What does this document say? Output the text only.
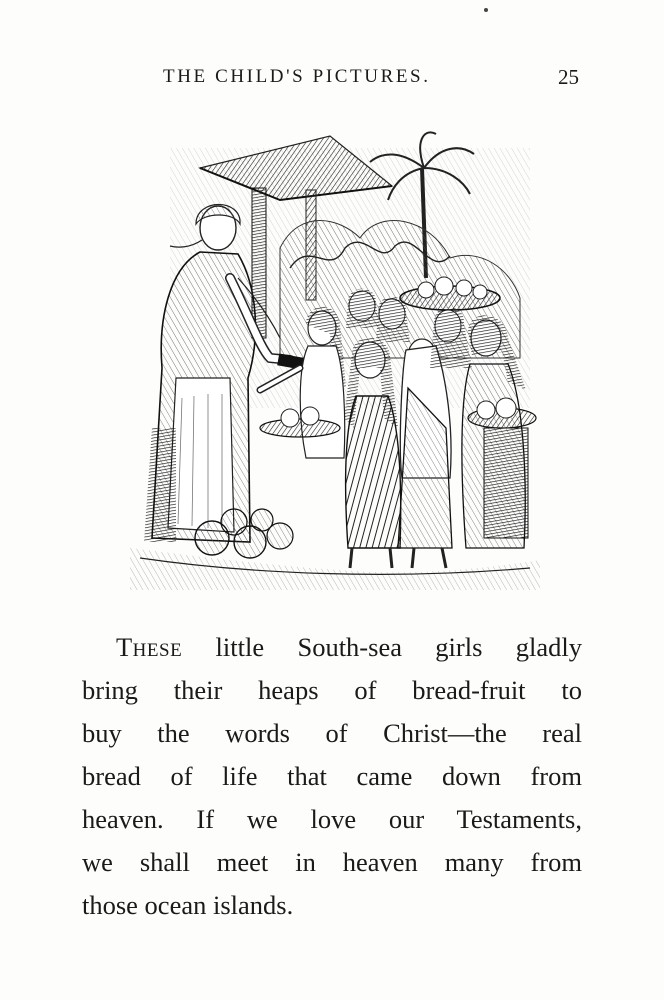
THE CHILD'S PICTURES.	25

These little South-sea girls gladly
bring their heaps of bread-fruit to
buy the words of Christ—the real
bread of life that came down from
heaven. If we love our Testaments,
we shall meet in heaven many from
those ocean islands.
